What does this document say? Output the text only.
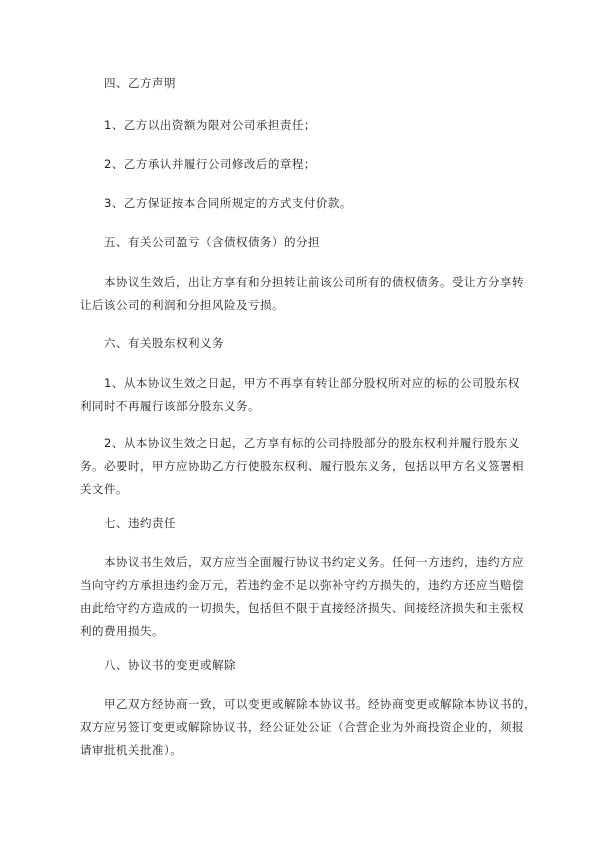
四、乙方声明

1、乙方以出资额为限对公司承担责任；

2、乙方承认并履行公司修改后的章程；

3、乙方保证按本合同所规定的方式支付价款。

五、有关公司盈亏（含债权债务）的分担

本协议生效后，出让方享有和分担转让前该公司所有的债权债务。受让方分享转
让后该公司的利润和分担风险及亏损。

六、有关股东权利义务

1、从本协议生效之日起，甲方不再享有转让部分股权所对应的标的公司股东权
利同时不再履行该部分股东义务。
2、从本协议生效之日起，乙方享有标的公司持股部分的股东权利并履行股东义
务。必要时，甲方应协助乙方行使股东权利、履行股东义务，包括以甲方名义签署相
关文件。

七、违约责任

本协议书生效后，双方应当全面履行协议书约定义务。任何一方违约，违约方应
当向守约方承担违约金万元，若违约金不足以弥补守约方损失的，违约方还应当赔偿
由此给守约方造成的一切损失，包括但不限于直接经济损失、间接经济损失和主张权
利的费用损失。

八、协议书的变更或解除

甲乙双方经协商一致，可以变更或解除本协议书。经协商变更或解除本协议书的，
双方应另签订变更或解除协议书，经公证处公证（合营企业为外商投资企业的，须报
请审批机关批准）。
